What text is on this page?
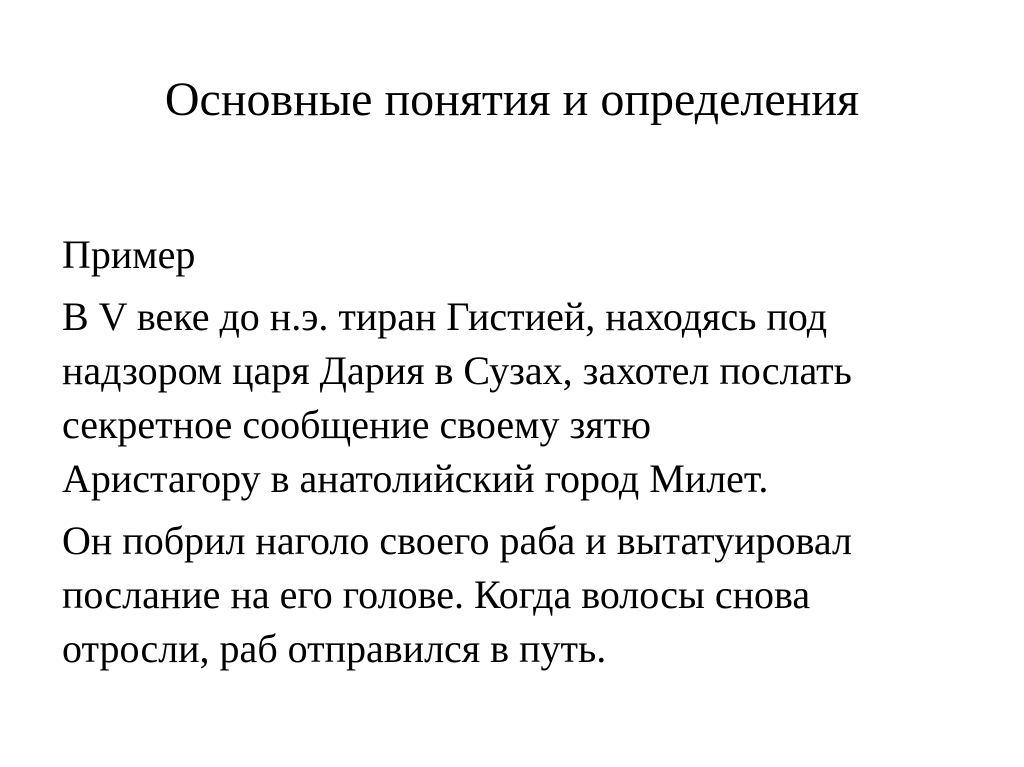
Основные понятия и определения

Пример

В V веке до н.э. тиран Гистией, находясь под
надзором царя Дария в Сузах, захотел послать
секретное сообщение своему зятю
Аристагору в анатолийский город Милет.

Он побрил наголо своего раба и вытатуировал
послание на его голове. Когда волосы снова
отросли, раб отправился в путь.
